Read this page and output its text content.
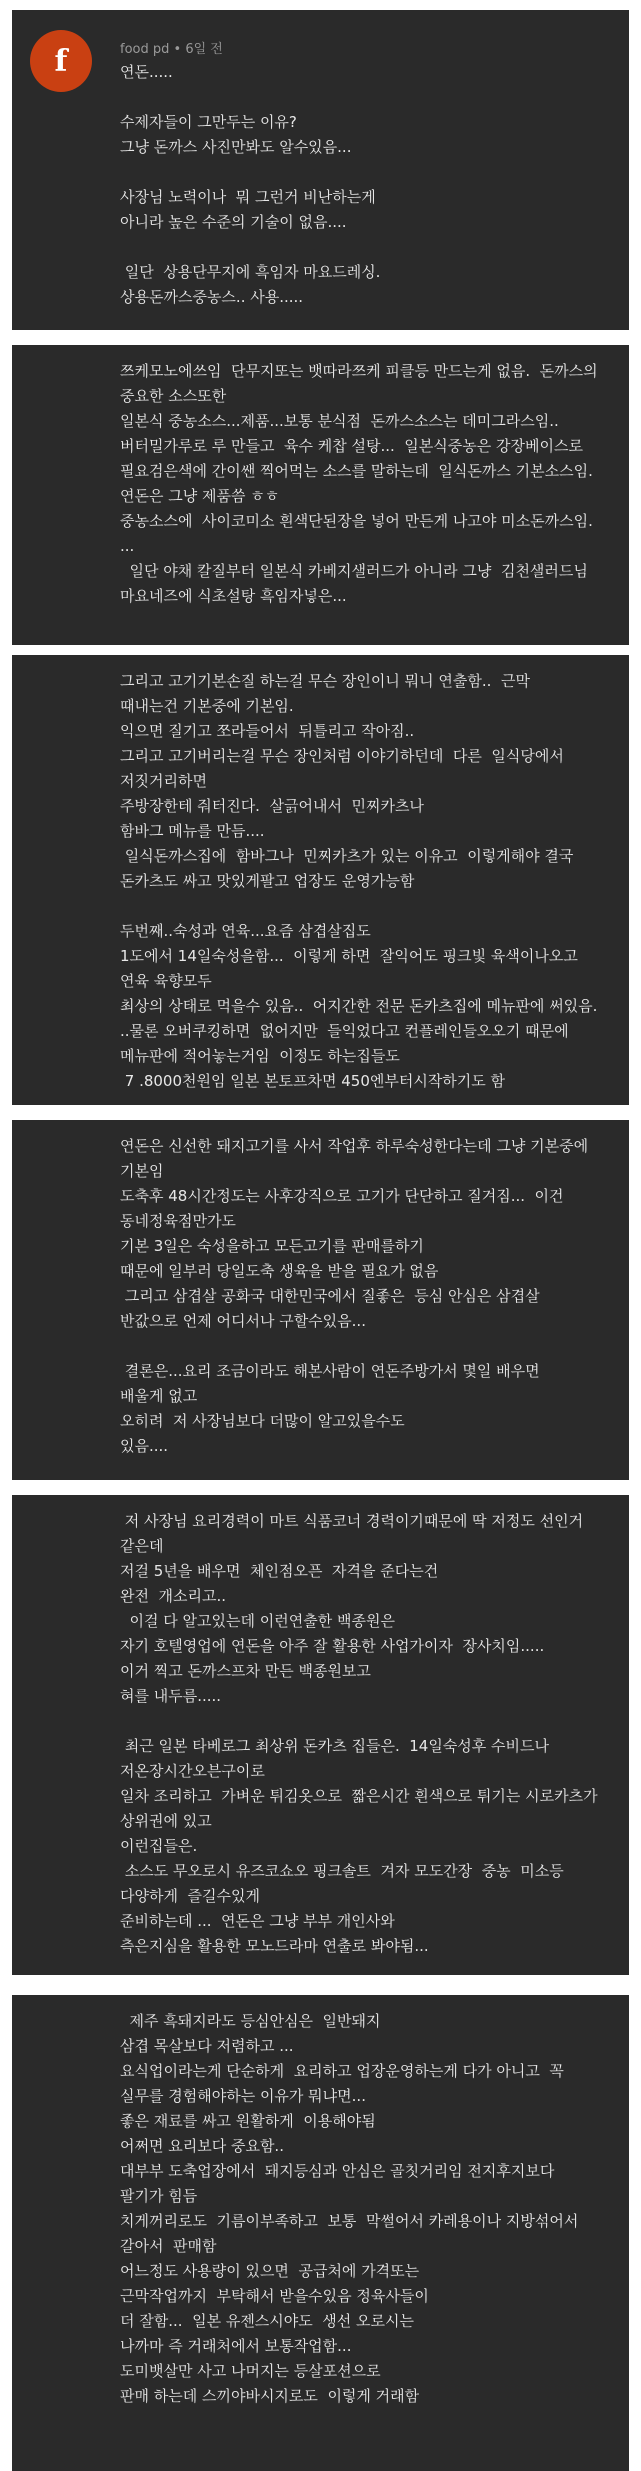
food pd • 6일 전
연돈.....
수제자들이 그만두는 이유?
그냥 돈까스 사진만봐도 알수있음...
사장님 노력이나  뭐 그런거 비난하는게
아니라 높은 수준의 기술이 없음....
일단  상용단무지에 흑임자 마요드레싱.
상용돈까스중농스.. 사용.....
f
쯔케모노에쓰임  단무지또는 뱃따라쯔케 피클등 만드는게 없음.  돈까스의
중요한 소스또한
일본식 중농소스...제품...보통 분식점  돈까스소스는 데미그라스임..
버터밀가루로 루 만들고  육수 케찹 설탕...  일본식중농은 강장베이스로
필요검은색에 간이쌘 찍어먹는 소스를 말하는데  일식돈까스 기본소스임.
연돈은 그냥 제품씀 ㅎㅎ
중농소스에  사이코미소 흰색단된장을 넣어 만든게 나고야 미소돈까스임.
...
일단 야채 칼질부터 일본식 카베지샐러드가 아니라 그냥  김천샐러드님
마요네즈에 식초설탕 흑임자넣은...
그리고 고기기본손질 하는걸 무슨 장인이니 뭐니 연출함..  근막
때내는건 기본중에 기본임.
익으면 질기고 쪼라들어서  뒤틀리고 작아짐..
그리고 고기버리는걸 무슨 장인처럼 이야기하던데  다른  일식당에서
저짓거리하면
주방장한테 줘터진다.  살긁어내서  민찌카츠나
함바그 메뉴를 만듬....
일식돈까스집에  함바그나  민찌카츠가 있는 이유고  이렇게해야 결국
돈카츠도 싸고 맛있게팔고 업장도 운영가능함
두번째..숙성과 연육...요즘 삼겹살집도
1도에서 14일숙성을함...  이렇게 하면  잘익어도 핑크빛 육색이나오고
연육 육향모두
최상의 상태로 먹을수 있음..  어지간한 전문 돈카츠집에 메뉴판에 써있음.
..물론 오버쿠킹하면  없어지만  들익었다고 컨플레인들오오기 때문에
메뉴판에 적어놓는거임  이정도 하는집들도
7 .8000천원임 일본 본토프차면 450엔부터시작하기도 함
연돈은 신선한 돼지고기를 사서 작업후 하루숙성한다는데 그냥 기본중에
기본임
도축후 48시간정도는 사후강직으로 고기가 단단하고 질겨짐...  이건
동네정육점만가도
기본 3일은 숙성을하고 모든고기를 판매를하기
때문에 일부러 당일도축 생육을 받을 필요가 없음
그리고 삼겹살 공화국 대한민국에서 질좋은  등심 안심은 삼겹살
반값으로 언제 어디서나 구할수있음...
결론은...요리 조금이라도 해본사람이 연돈주방가서 몇일 배우면
배울게 없고
오히려  저 사장님보다 더많이 알고있을수도
있음....
저 사장님 요리경력이 마트 식품코너 경력이기때문에 딱 저정도 선인거
같은데
저걸 5년을 배우면  체인점오픈  자격을 준다는건
완전  개소리고..
이걸 다 알고있는데 이런연출한 백종원은
자기 호텔영업에 연돈을 아주 잘 활용한 사업가이자  장사치임.....
이거 찍고 돈까스프차 만든 백종원보고
혀를 내두름.....
최근 일본 타베로그 최상위 돈카츠 집들은.  14일숙성후 수비드나
저온장시간오븐구이로
일차 조리하고  가벼운 튀김옷으로  짧은시간 흰색으로 튀기는 시로카츠가
상위권에 있고
이런집들은.
소스도 무오로시 유즈코쇼오 핑크솔트  겨자 모도간장  중농  미소등
다양하게  즐길수있게
준비하는데 ...  연돈은 그냥 부부 개인사와
측은지심을 활용한 모노드라마 연출로 봐야됨...
제주 흑돼지라도 등심안심은  일반돼지
삼겹 목살보다 저렴하고 ...
요식업이라는게 단순하게  요리하고 업장운영하는게 다가 아니고  꼭
실무를 경험해야하는 이유가 뭐냐면...
좋은 재료를 싸고 원활하게  이용해야됨
어쩌면 요리보다 중요함..
대부부 도축업장에서  돼지등심과 안심은 골칫거리임 전지후지보다
팔기가 힘듬
치게꺼리로도  기름이부족하고  보통  막썰어서 카레용이나 지방섞어서
갈아서  판매함
어느정도 사용량이 있으면  공급처에 가격또는
근막작업까지  부탁해서 받을수있음 정육사들이
더 잘함...  일본 유젠스시야도  생선 오로시는
나까마 즉 거래처에서 보통작업함...
도미뱃살만 사고 나머지는 등살포션으로
판매 하는데 스끼야바시지로도  이렇게 거래함
